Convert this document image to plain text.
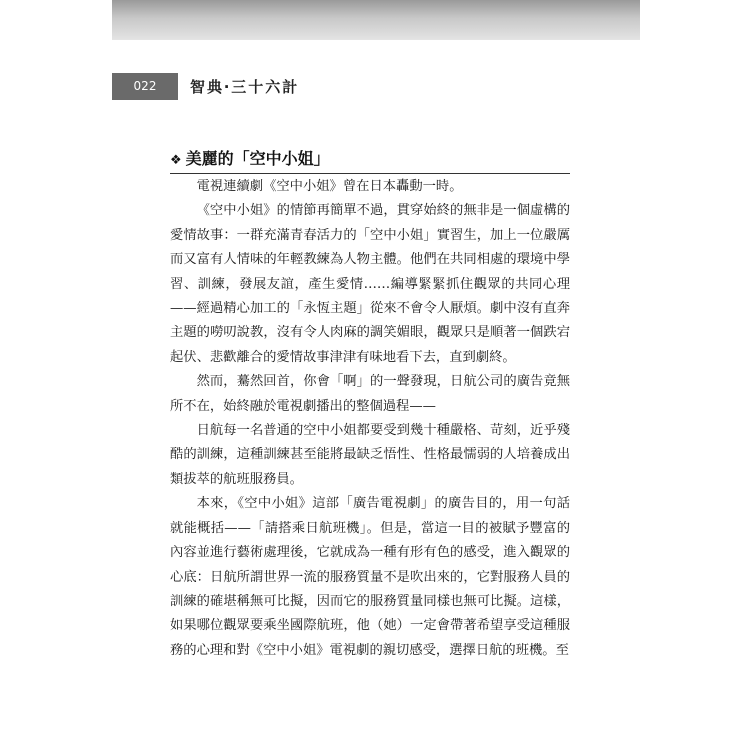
022	智典‧三十六計
❖ 美麗的「空中小姐」

電視連續劇《空中小姐》曾在日本轟動一時。

《空中小姐》的情節再簡單不過，貫穿始終的無非是一個虛構的愛情故事：一群充滿青春活力的「空中小姐」實習生，加上一位嚴厲而又富有人情味的年輕教練為人物主體。他們在共同相處的環境中學習、訓練，發展友誼，產生愛情……編導緊緊抓住觀眾的共同心理——經過精心加工的「永恆主題」從來不會令人厭煩。劇中沒有直奔主題的嘮叨說教，沒有令人肉麻的調笑媚眼，觀眾只是順著一個跌宕起伏、悲歡離合的愛情故事津津有味地看下去，直到劇終。

然而，驀然回首，你會「啊」的一聲發現，日航公司的廣告竟無所不在，始終融於電視劇播出的整個過程——

日航每一名普通的空中小姐都要受到幾十種嚴格、苛刻，近乎殘酷的訓練，這種訓練甚至能將最缺乏悟性、性格最懦弱的人培養成出類拔萃的航班服務員。

本來，《空中小姐》這部「廣告電視劇」的廣告目的，用一句話就能概括——「請搭乘日航班機」。但是，當這一目的被賦予豐富的內容並進行藝術處理後，它就成為一種有形有色的感受，進入觀眾的心底：日航所謂世界一流的服務質量不是吹出來的，它對服務人員的訓練的確堪稱無可比擬，因而它的服務質量同樣也無可比擬。這樣，如果哪位觀眾要乘坐國際航班，他（她）一定會帶著希望享受這種服務的心理和對《空中小姐》電視劇的親切感受，選擇日航的班機。至
